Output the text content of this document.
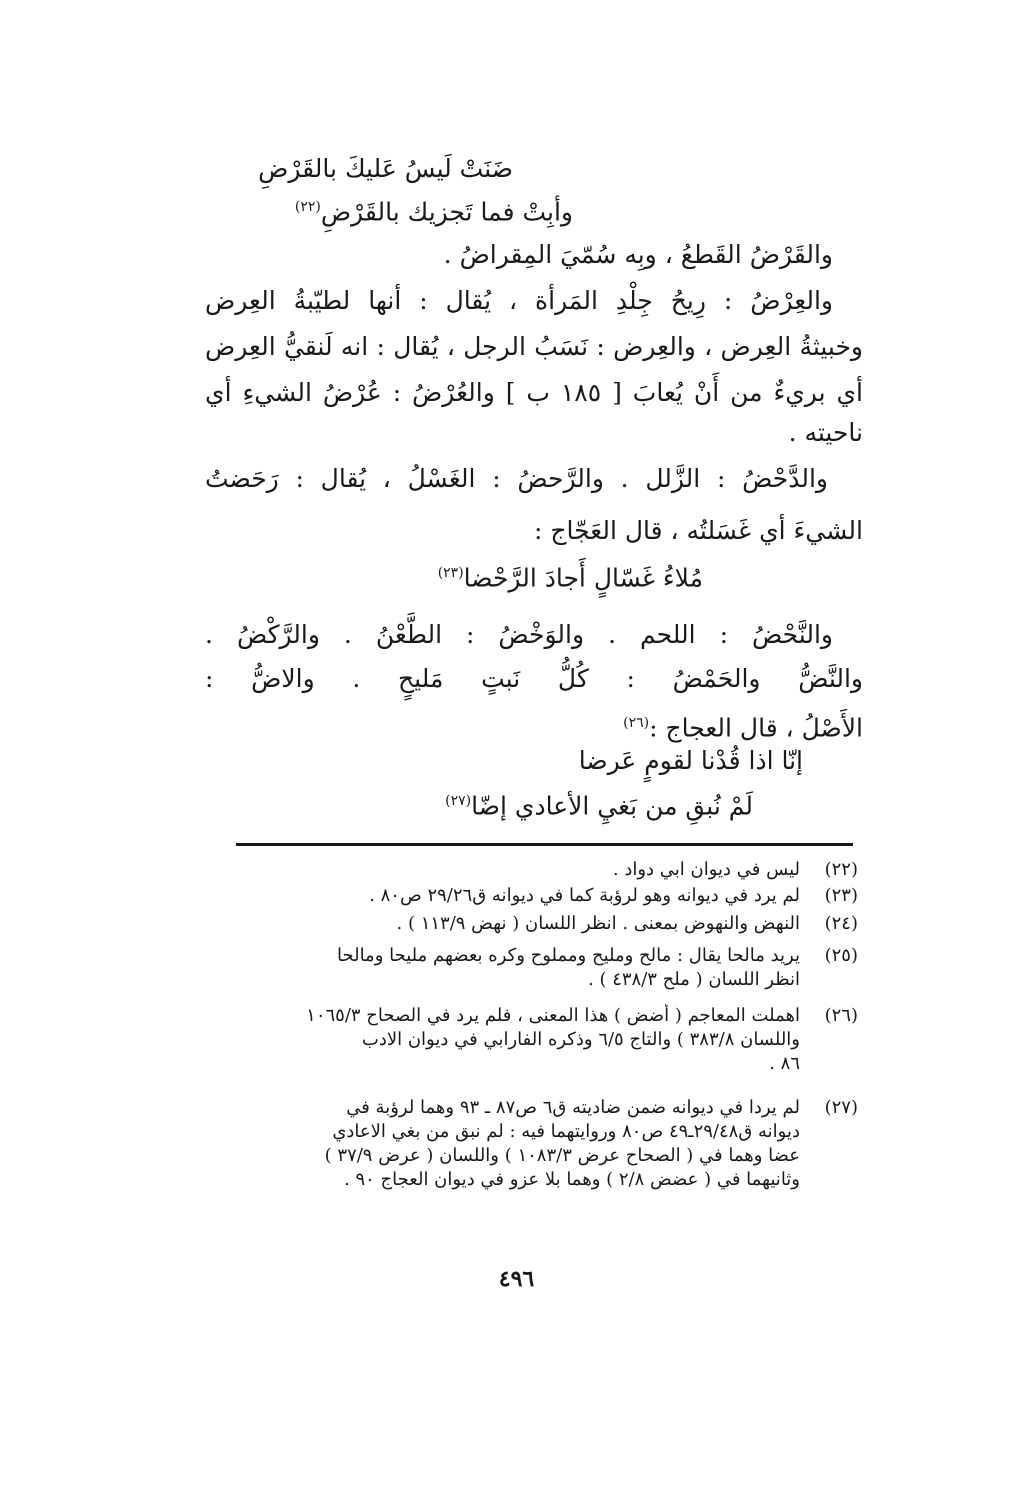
ضَنَتْ لَيسُ عَليكَ بالقَرْضِ
وأبِتْ فما تَجزيك بالقَرْضِ$^{(٢٢)}$
والقَرْضُ القَطعُ ، وبِه سُمّيَ المِقراضُ .
والعِرْضُ : رِيحُ جِلْدِ المَرأة ، يُقال : أنها لطيّبةُ العِرض
وخبيثةُ العِرض ، والعِرض : نَسَبُ الرجل ، يُقال : انه لَنقيُّ العِرض
أي بريءٌ من أَنْ يُعابَ [ ١٨٥ ب ] والعُرْضُ : عُرْضُ الشيءِ أي
ناحيته .
والدَّحْضُ : الزَّلل . والرَّحضُ : الغَسْلُ ، يُقال : رَحَضتُ
الشيءَ أي غَسَلتُه ، قال العَجّاج :
مُلاءُ غَسّالٍ أَجادَ الرَّحْضا$^{(٢٣)}$
والنَّحْضُ : اللحم . والوَخْضُ : الطَّعْنُ . والرَّكْضُ .
والنَّضُّ والحَمْضُ : كُلُّ نَبتٍ مَليحٍ . والاضُّ :
الأَصْلُ ، قال العجاج :$^{(٢٦)}$
إنّا اذا قُدْنا لقومٍ عَرضا
لَمْ نُبقِ من بَغيِ الأعادي إضّا$^{(٢٧)}$
(٢٢)
ليس في ديوان ابي دواد .
(٢٣)
لم يرد في ديوانه وهو لرؤبة كما في ديوانه ق٢٩/٢٦ ص٨٠ .
(٢٤)
النهض والنهوض بمعنى . انظر اللسان ( نهض ١١٣/٩ ) .
(٢٥)
يريد مالحا يقال : مالح ومليح ومملوح وكره بعضهم مليحا ومالحا
انظر اللسان ( ملح ٤٣٨/٣ ) .
(٢٦)
اهملت المعاجم ( أضض ) هذا المعنى ، فلم يرد في الصحاح ١٠٦٥/٣
واللسان ٣٨٣/٨ ) والتاج ٦/٥ وذكره الفارابي في ديوان الادب
٨٦ .
(٢٧)
لم يردا في ديوانه ضمن ضاديته ق٦ ص٨٧ ـ ٩٣ وهما لرؤبة في
ديوانه ق٢٩/٤٨ـ٤٩ ص٨٠ وروايتهما فيه : لم نبق من بغي الاعادي
عضا وهما في ( الصحاح عرض ١٠٨٣/٣ ) واللسان ( عرض ٣٧/٩ )
وثانيهما في ( عضض ٢/٨ ) وهما بلا عزو في ديوان العجاج ٩٠ .
٤٩٦
